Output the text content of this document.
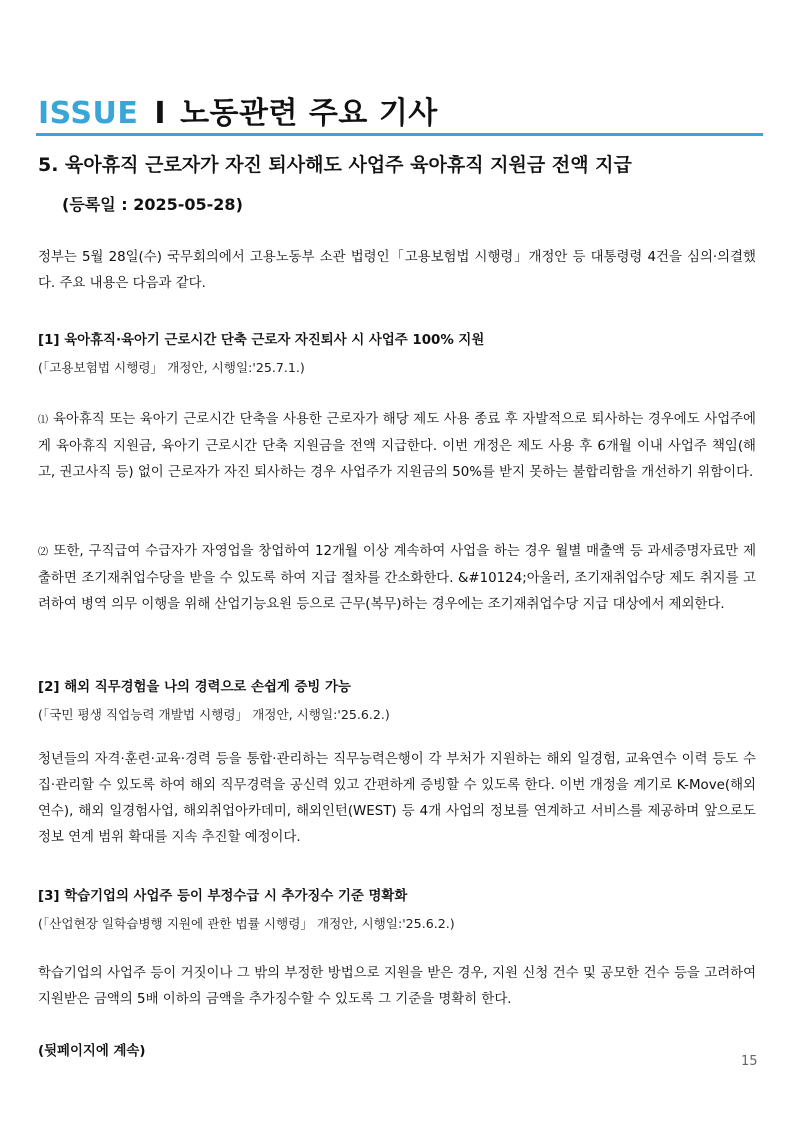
ISSUE I 노동관련 주요 기사
5. 육아휴직 근로자가 자진 퇴사해도 사업주 육아휴직 지원금 전액 지급
(등록일 : 2025-05-28)
정부는 5월 28일(수) 국무회의에서 고용노동부 소관 법령인「고용보험법 시행령」개정안 등 대통령령 4건을 심의·의결했다. 주요 내용은 다음과 같다.
[1] 육아휴직·육아기 근로시간 단축 근로자 자진퇴사 시 사업주 100% 지원
(「고용보험법 시행령」 개정안, 시행일:'25.7.1.)
⑴ 육아휴직 또는 육아기 근로시간 단축을 사용한 근로자가 해당 제도 사용 종료 후 자발적으로 퇴사하는 경우에도 사업주에게 육아휴직 지원금, 육아기 근로시간 단축 지원금을 전액 지급한다. 이번 개정은 제도 사용 후 6개월 이내 사업주 책임(해고, 권고사직 등) 없이 근로자가 자진 퇴사하는 경우 사업주가 지원금의 50%를 받지 못하는 불합리함을 개선하기 위함이다.
⑵ 또한, 구직급여 수급자가 자영업을 창업하여 12개월 이상 계속하여 사업을 하는 경우 월별 매출액 등 과세증명자료만 제출하면 조기재취업수당을 받을 수 있도록 하여 지급 절차를 간소화한다. &#10124;아울러, 조기재취업수당 제도 취지를 고려하여 병역 의무 이행을 위해 산업기능요원 등으로 근무(복무)하는 경우에는 조기재취업수당 지급 대상에서 제외한다.
[2] 해외 직무경험을 나의 경력으로 손쉽게 증빙 가능
(「국민 평생 직업능력 개발법 시행령」 개정안, 시행일:'25.6.2.)
청년들의 자격·훈련·교육·경력 등을 통합·관리하는 직무능력은행이 각 부처가 지원하는 해외 일경험, 교육연수 이력 등도 수집·관리할 수 있도록 하여 해외 직무경력을 공신력 있고 간편하게 증빙할 수 있도록 한다. 이번 개정을 계기로 K-Move(해외연수), 해외 일경험사업, 해외취업아카데미, 해외인턴(WEST) 등 4개 사업의 정보를 연계하고 서비스를 제공하며 앞으로도 정보 연계 범위 확대를 지속 추진할 예정이다.
[3] 학습기업의 사업주 등이 부정수급 시 추가징수 기준 명확화
(「산업현장 일학습병행 지원에 관한 법률 시행령」 개정안, 시행일:'25.6.2.)
학습기업의 사업주 등이 거짓이나 그 밖의 부정한 방법으로 지원을 받은 경우, 지원 신청 건수 및 공모한 건수 등을 고려하여 지원받은 금액의 5배 이하의 금액을 추가징수할 수 있도록 그 기준을 명확히 한다.
(뒷페이지에 계속)
15
